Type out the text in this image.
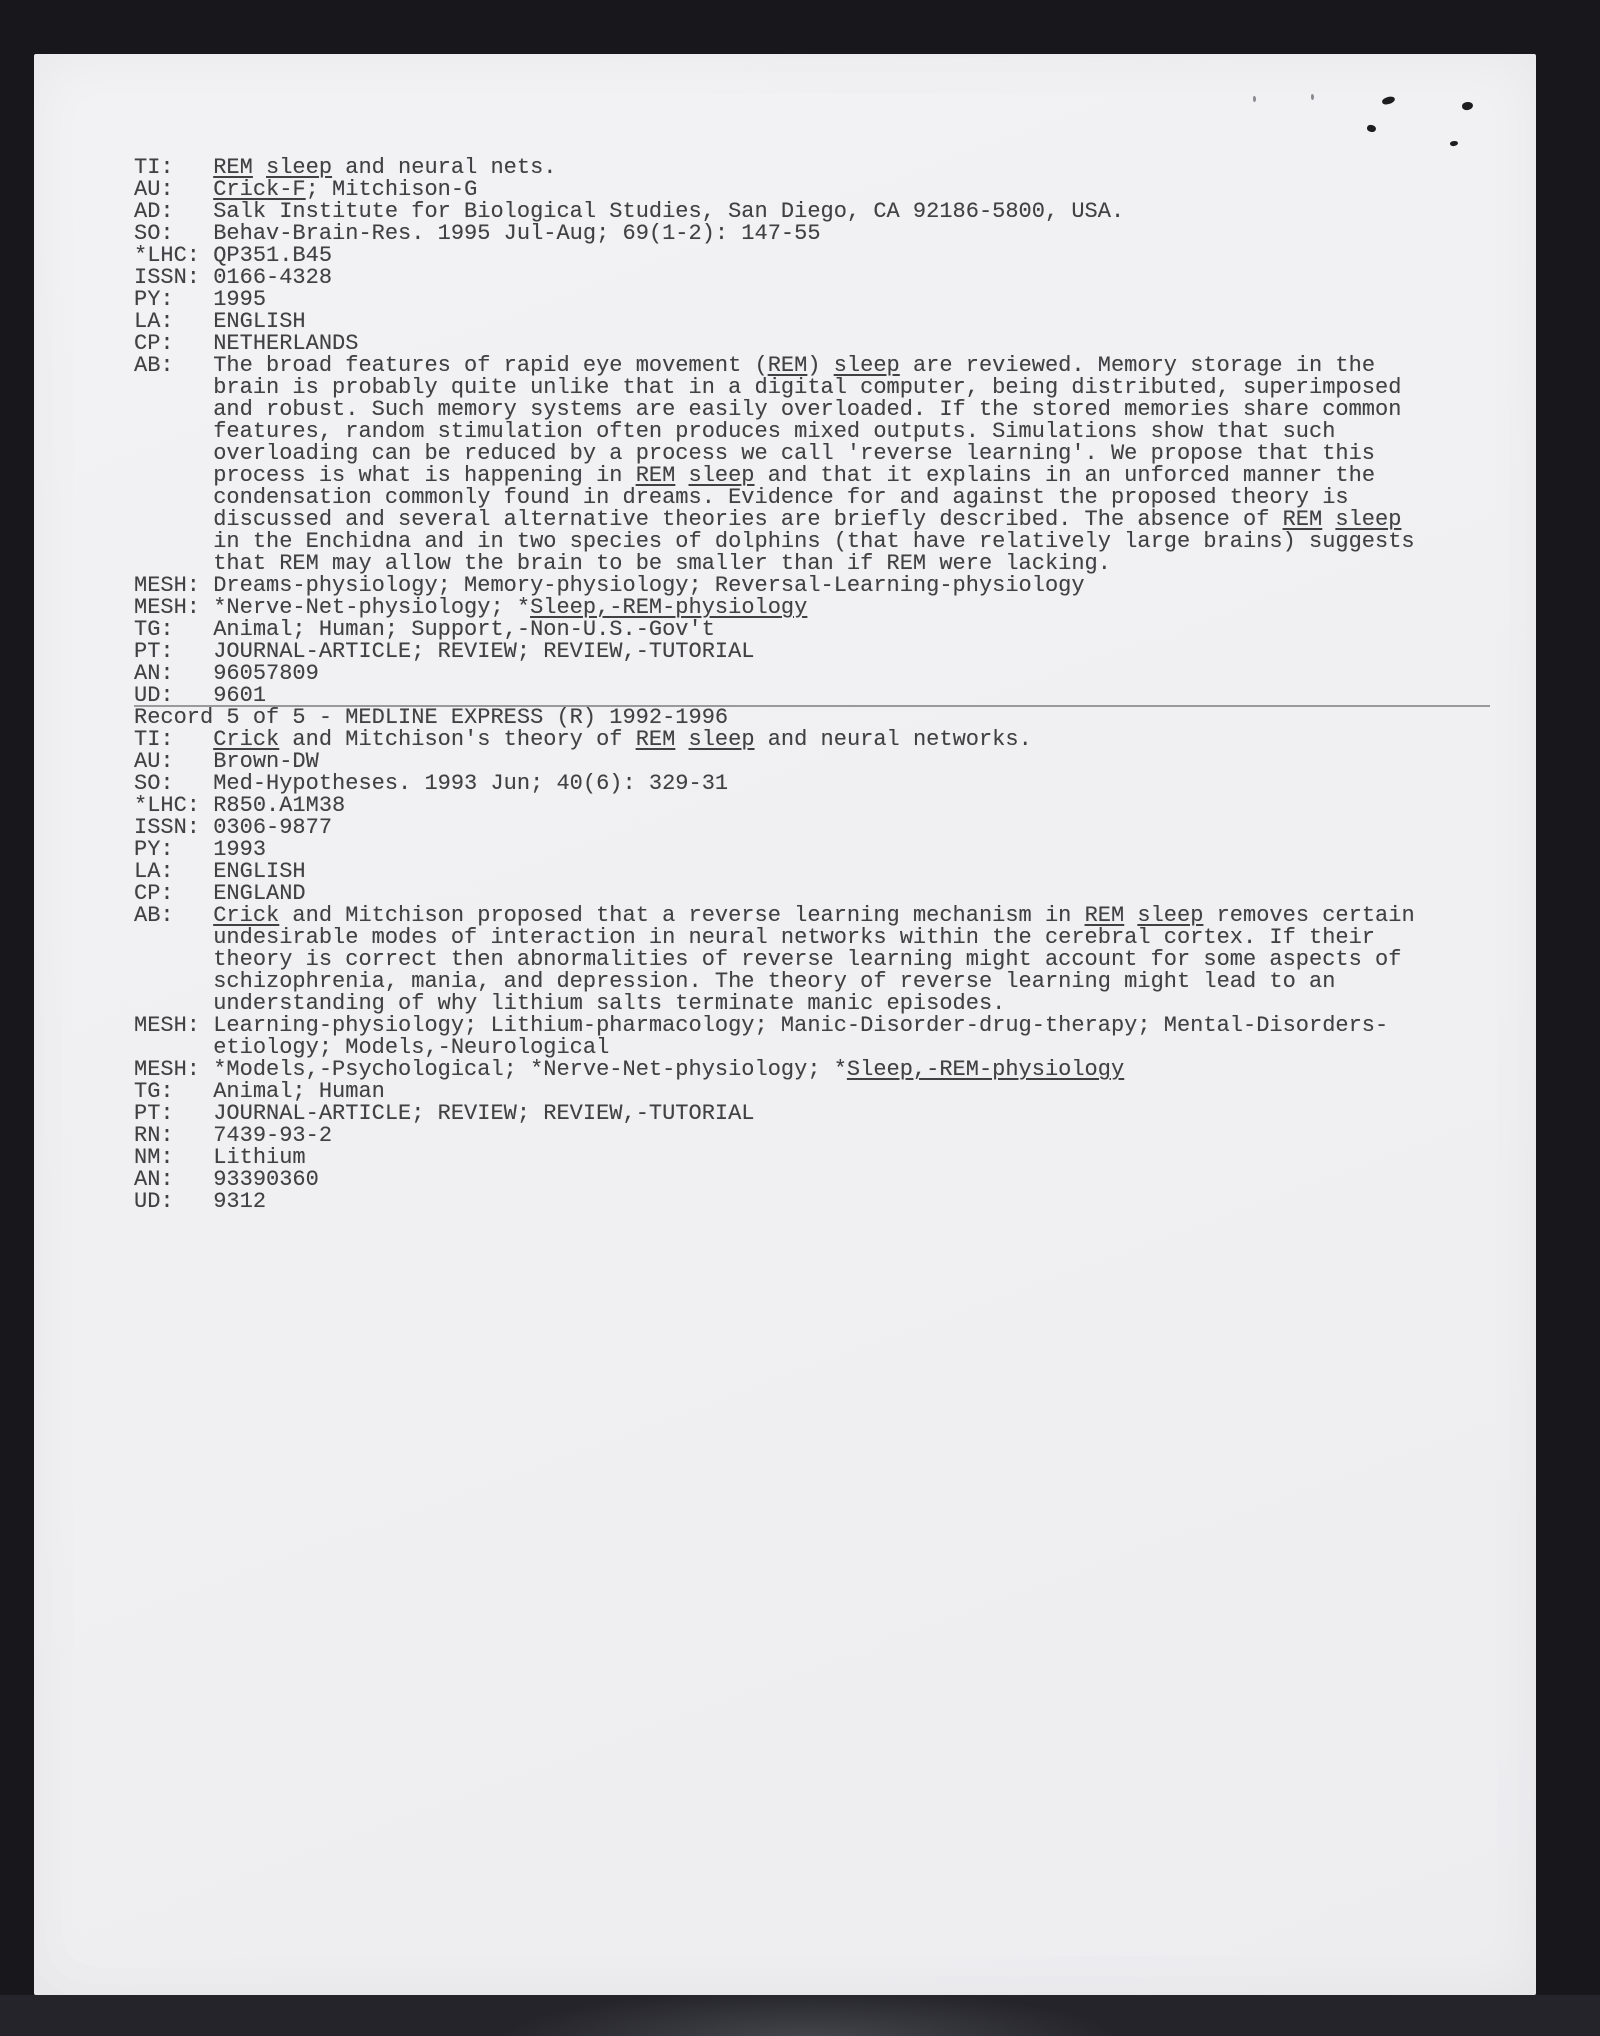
TI:   REM sleep and neural nets.
AU:   Crick-F; Mitchison-G
AD:   Salk Institute for Biological Studies, San Diego, CA 92186-5800, USA.
SO:   Behav-Brain-Res. 1995 Jul-Aug; 69(1-2): 147-55
*LHC: QP351.B45
ISSN: 0166-4328
PY:   1995
LA:   ENGLISH
CP:   NETHERLANDS
AB:   The broad features of rapid eye movement (REM) sleep are reviewed. Memory storage in the
brain is probably quite unlike that in a digital computer, being distributed, superimposed
and robust. Such memory systems are easily overloaded. If the stored memories share common
features, random stimulation often produces mixed outputs. Simulations show that such
overloading can be reduced by a process we call 'reverse learning'. We propose that this
process is what is happening in REM sleep and that it explains in an unforced manner the
condensation commonly found in dreams. Evidence for and against the proposed theory is
discussed and several alternative theories are briefly described. The absence of REM sleep
in the Enchidna and in two species of dolphins (that have relatively large brains) suggests
that REM may allow the brain to be smaller than if REM were lacking.
MESH: Dreams-physiology; Memory-physiology; Reversal-Learning-physiology
MESH: *Nerve-Net-physiology; *Sleep,-REM-physiology
TG:   Animal; Human; Support,-Non-U.S.-Gov't
PT:   JOURNAL-ARTICLE; REVIEW; REVIEW,-TUTORIAL
AN:   96057809
UD:   9601
Record 5 of 5 - MEDLINE EXPRESS (R) 1992-1996
TI:   Crick and Mitchison's theory of REM sleep and neural networks.
AU:   Brown-DW
SO:   Med-Hypotheses. 1993 Jun; 40(6): 329-31
*LHC: R850.A1M38
ISSN: 0306-9877
PY:   1993
LA:   ENGLISH
CP:   ENGLAND
AB:   Crick and Mitchison proposed that a reverse learning mechanism in REM sleep removes certain
undesirable modes of interaction in neural networks within the cerebral cortex. If their
theory is correct then abnormalities of reverse learning might account for some aspects of
schizophrenia, mania, and depression. The theory of reverse learning might lead to an
understanding of why lithium salts terminate manic episodes.
MESH: Learning-physiology; Lithium-pharmacology; Manic-Disorder-drug-therapy; Mental-Disorders-
etiology; Models,-Neurological
MESH: *Models,-Psychological; *Nerve-Net-physiology; *Sleep,-REM-physiology
TG:   Animal; Human
PT:   JOURNAL-ARTICLE; REVIEW; REVIEW,-TUTORIAL
RN:   7439-93-2
NM:   Lithium
AN:   93390360
UD:   9312
